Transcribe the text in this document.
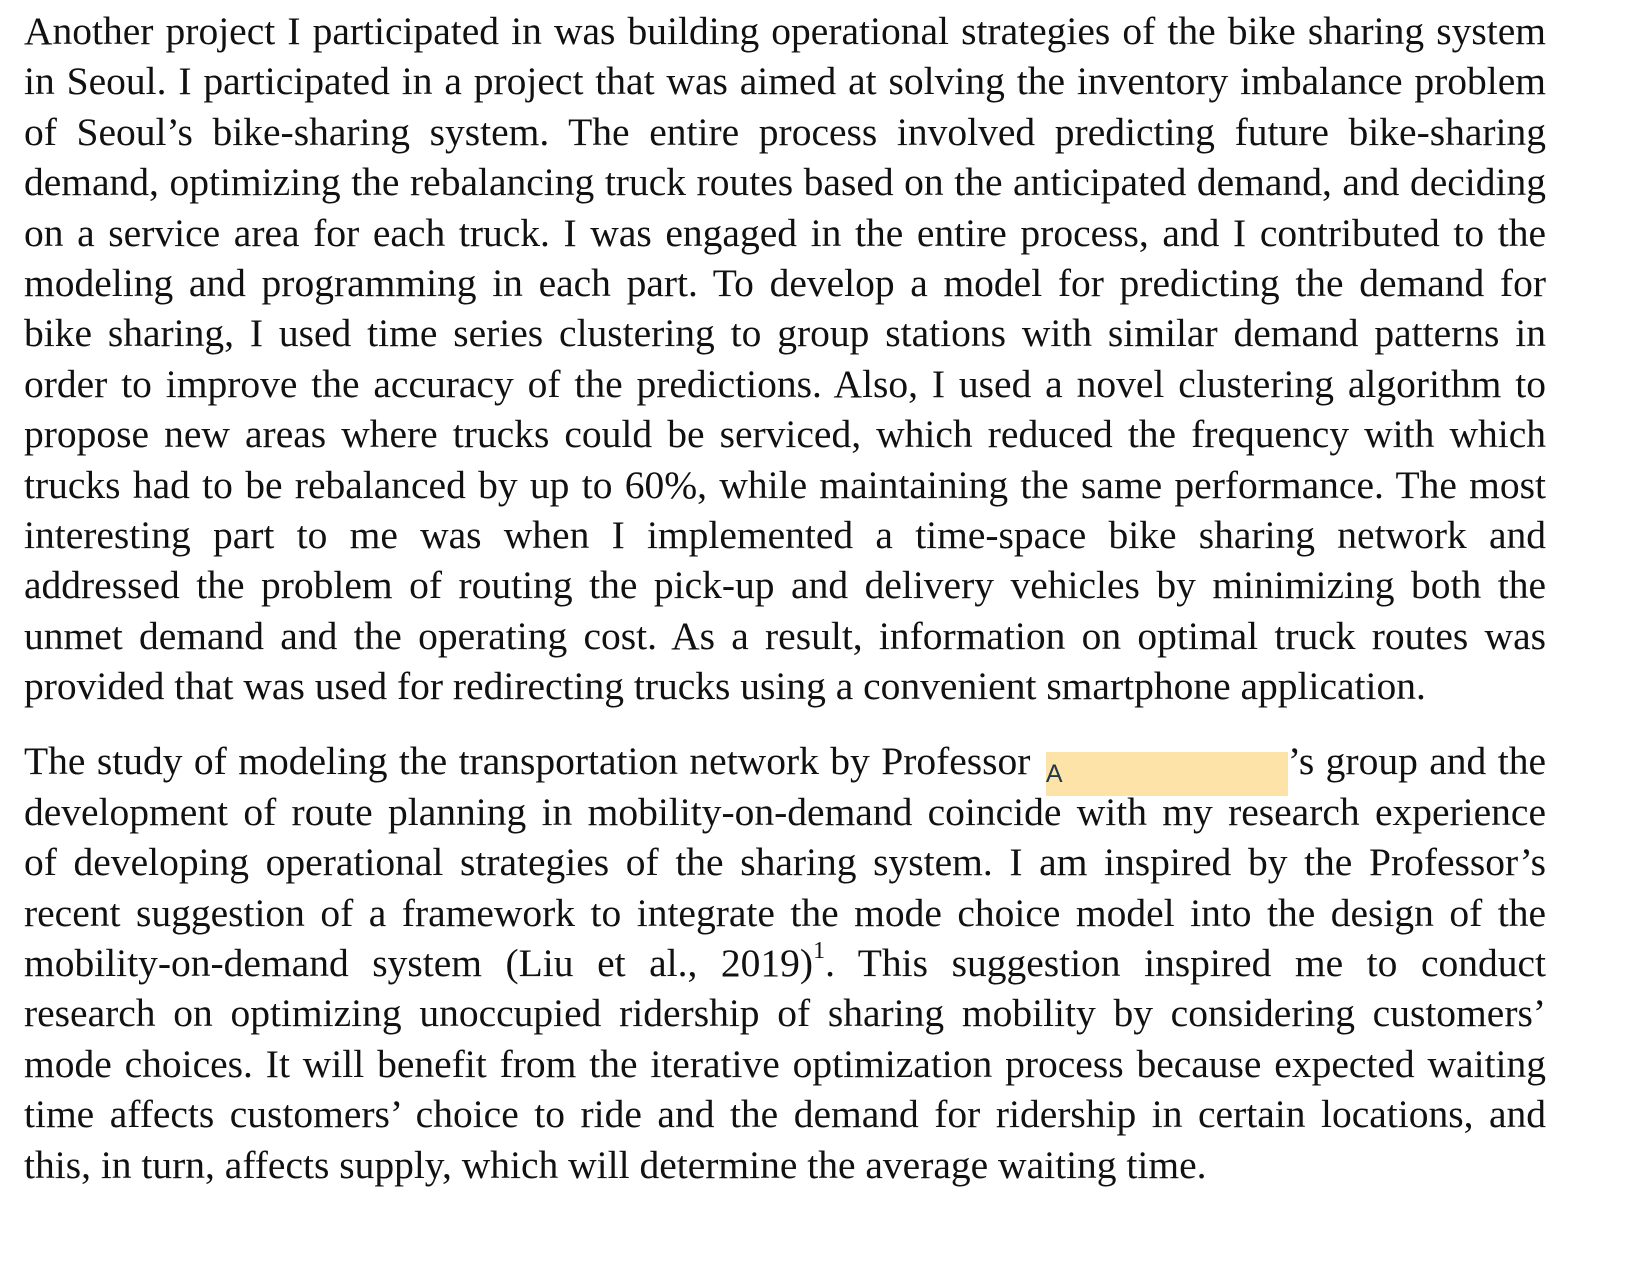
Another project I participated in was building operational strategies of the bike sharing system
in Seoul. I participated in a project that was aimed at solving the inventory imbalance problem
of Seoul’s bike-sharing system. The entire process involved predicting future bike-sharing
demand, optimizing the rebalancing truck routes based on the anticipated demand, and deciding
on a service area for each truck. I was engaged in the entire process, and I contributed to the
modeling and programming in each part. To develop a model for predicting the demand for
bike sharing, I used time series clustering to group stations with similar demand patterns in
order to improve the accuracy of the predictions. Also, I used a novel clustering algorithm to
propose new areas where trucks could be serviced, which reduced the frequency with which
trucks had to be rebalanced by up to 60%, while maintaining the same performance. The most
interesting part to me was when I implemented a time-space bike sharing network and
addressed the problem of routing the pick-up and delivery vehicles by minimizing both the
unmet demand and the operating cost. As a result, information on optimal truck routes was
provided that was used for redirecting trucks using a convenient smartphone application.
The study of modeling the transportation network by Professor A	’s group and the
development of route planning in mobility-on-demand coincide with my research experience
of developing operational strategies of the sharing system. I am inspired by the Professor’s
recent suggestion of a framework to integrate the mode choice model into the design of the
mobility-on-demand system (Liu et al., 2019)$^1$. This suggestion inspired me to conduct
research on optimizing unoccupied ridership of sharing mobility by considering customers’
mode choices. It will benefit from the iterative optimization process because expected waiting
time affects customers’ choice to ride and the demand for ridership in certain locations, and
this, in turn, affects supply, which will determine the average waiting time.
